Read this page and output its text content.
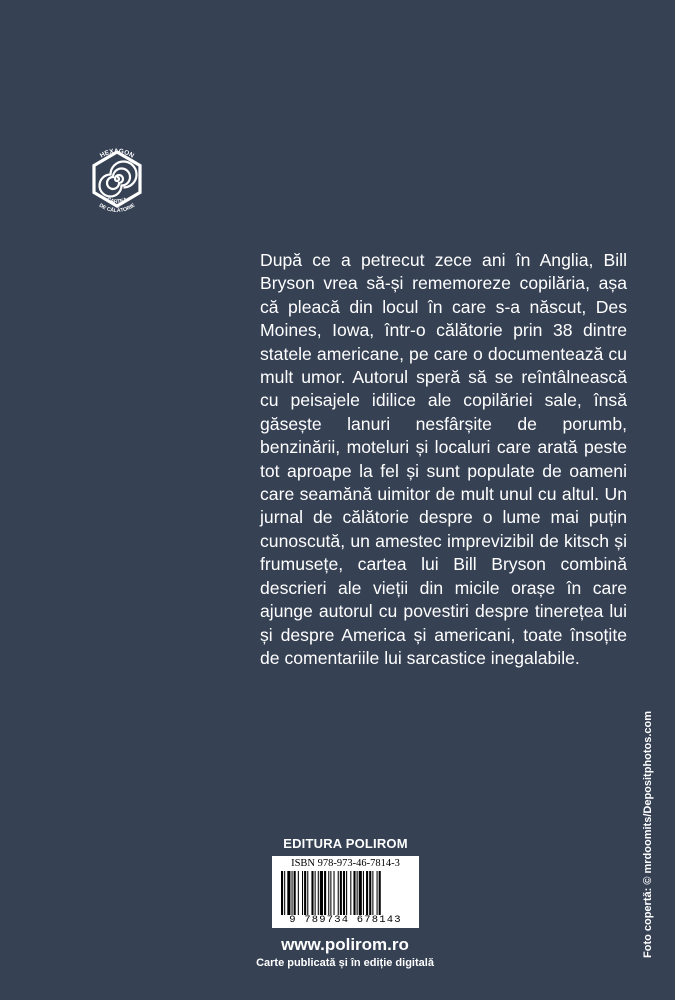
HEXAGON
CARTEA
DE CĂLĂTORIE

După ce a petrecut zece ani în Anglia, Bill Bryson vrea să-și rememoreze copilăria, așa că pleacă din locul în care s-a născut, Des Moines, Iowa, într-o călătorie prin 38 dintre statele americane, pe care o documentează cu mult umor. Autorul speră să se reîntâlnească cu peisajele idilice ale copilăriei sale, însă găsește lanuri nesfârșite de porumb, benzinării, moteluri și localuri care arată peste tot aproape la fel și sunt populate de oameni care seamănă uimitor de mult unul cu altul. Un jurnal de călătorie despre o lume mai puțin cunoscută, un amestec imprevizibil de kitsch și frumusețe, cartea lui Bill Bryson combină descrieri ale vieții din micile orașe în care ajunge autorul cu povestiri despre tinerețea lui și despre America și americani, toate însoțite de comentariile lui sarcastice inegalabile.

Foto copertă: © mrdoomits/Depositphotos.com
EDITURA POLIROM
ISBN 978-973-46-7814-3
9 789734 678143
www.polirom.ro
Carte publicată și în ediție digitală
